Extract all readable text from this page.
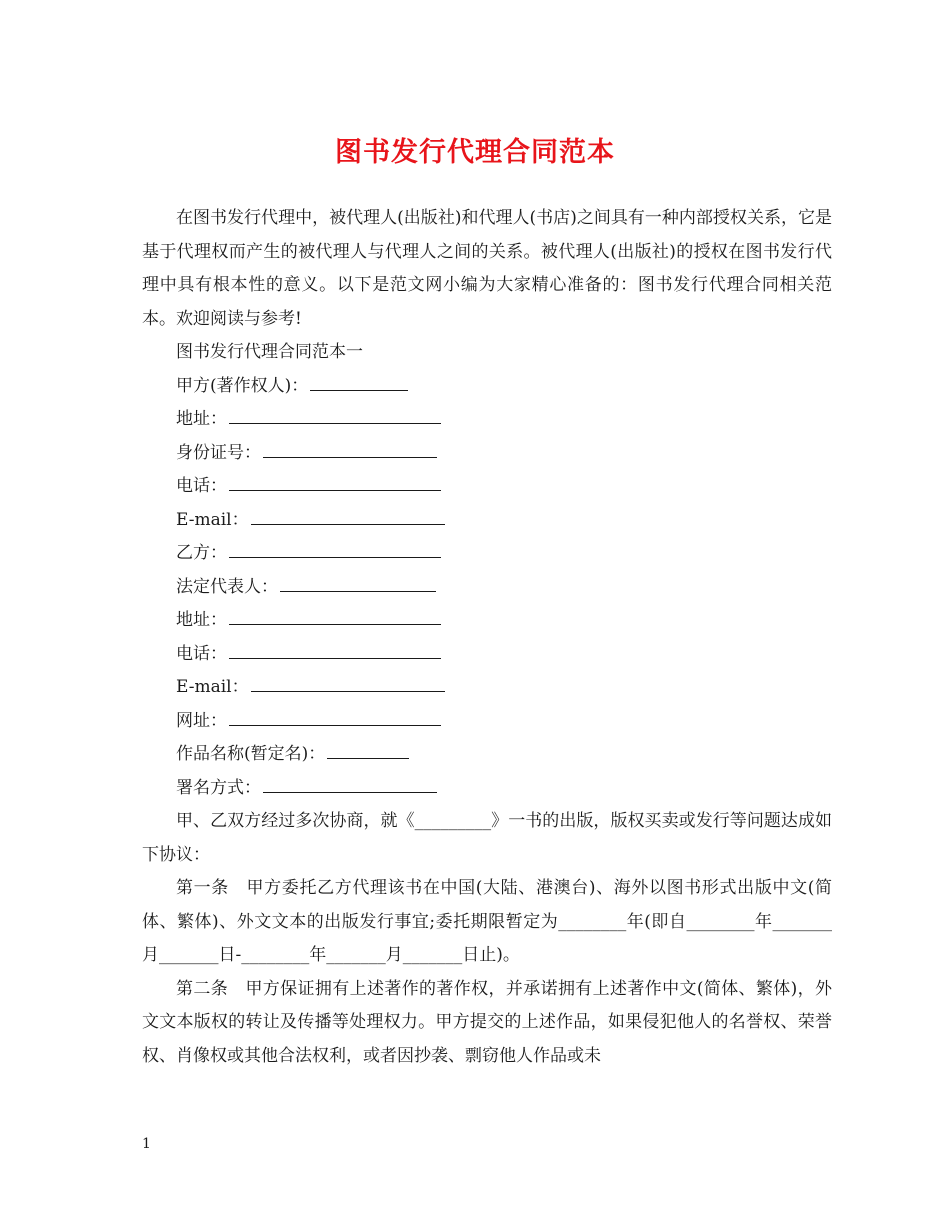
图书发行代理合同范本

在图书发行代理中，被代理人(出版社)和代理人(书店)之间具有一种内部授权关系，它是基于代理权而产生的被代理人与代理人之间的关系。被代理人(出版社)的授权在图书发行代理中具有根本性的意义。以下是范文网小编为大家精心准备的：图书发行代理合同相关范本。欢迎阅读与参考!

图书发行代理合同范本一

甲方(著作权人)：

地址：

身份证号：

电话：

E-mail：

乙方：

法定代表人：

地址：

电话：

E-mail：

网址：

作品名称(暂定名)：

署名方式：

甲、乙双方经过多次协商，就《_________》一书的出版，版权买卖或发行等问题达成如下协议：

第一条　甲方委托乙方代理该书在中国(大陆、港澳台)、海外以图书形式出版中文(简体、繁体)、外文文本的出版发行事宜;委托期限暂定为________年(即自________年_______月_______日-________年_______月_______日止)。

第二条　甲方保证拥有上述著作的著作权，并承诺拥有上述著作中文(简体、繁体)，外文文本版权的转让及传播等处理权力。甲方提交的上述作品，如果侵犯他人的名誉权、荣誉权、肖像权或其他合法权利，或者因抄袭、剽窃他人作品或未

1
